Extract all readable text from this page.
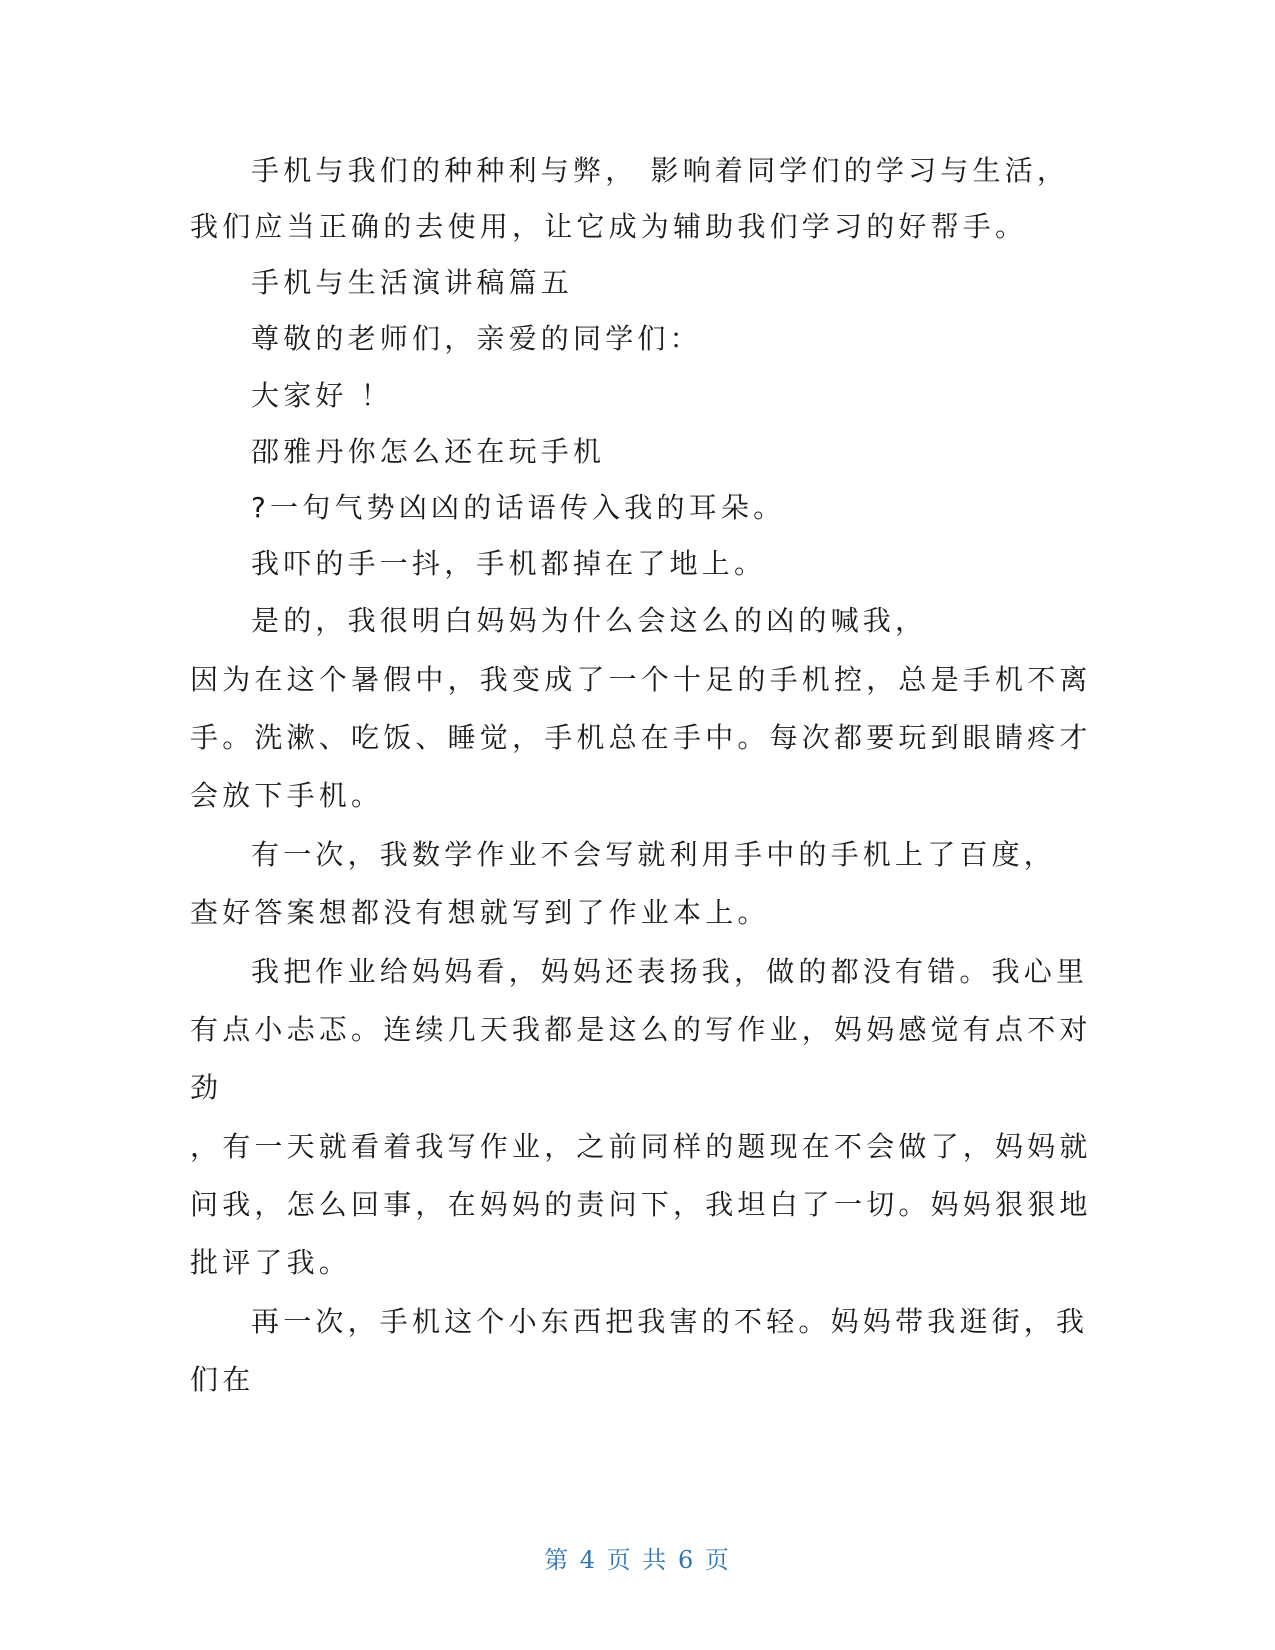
手机与我们的种种利与弊， 影响着同学们的学习与生活，
我们应当正确的去使用，让它成为辅助我们学习的好帮手。
手机与生活演讲稿篇五
尊敬的老师们，亲爱的同学们：
大家好 ！
邵雅丹你怎么还在玩手机
?一句气势凶凶的话语传入我的耳朵。
我吓的手一抖，手机都掉在了地上。
是的，我很明白妈妈为什么会这么的凶的喊我，
因为在这个暑假中，我变成了一个十足的手机控，总是手机不离
手。洗漱、吃饭、睡觉，手机总在手中。每次都要玩到眼睛疼才
会放下手机。
有一次，我数学作业不会写就利用手中的手机上了百度，
查好答案想都没有想就写到了作业本上。
我把作业给妈妈看，妈妈还表扬我，做的都没有错。我心里
有点小忐忑。连续几天我都是这么的写作业，妈妈感觉有点不对
劲
，有一天就看着我写作业，之前同样的题现在不会做了，妈妈就
问我，怎么回事，在妈妈的责问下，我坦白了一切。妈妈狠狠地
批评了我。
再一次，手机这个小东西把我害的不轻。妈妈带我逛街，我
们在
第 4 页 共 6 页
